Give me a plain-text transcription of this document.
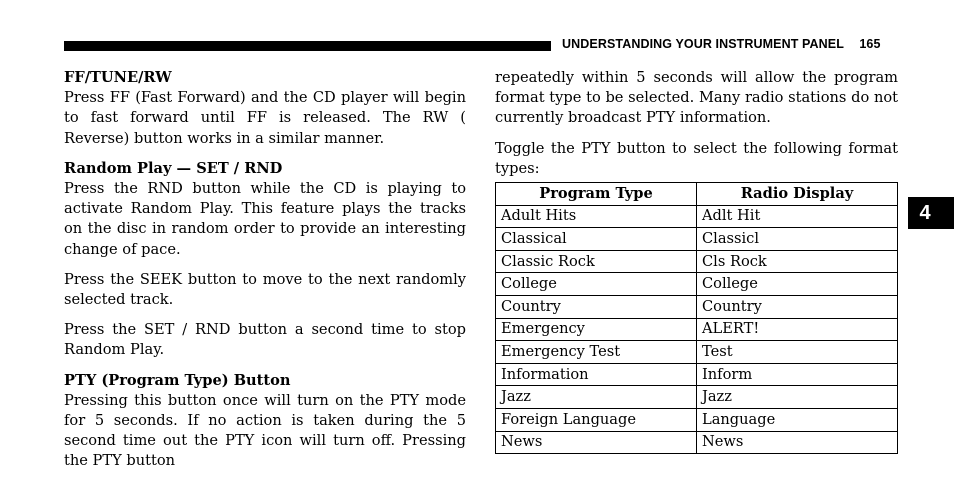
UNDERSTANDING YOUR INSTRUMENT PANEL 165
FF/TUNE/RW

Press FF (Fast Forward) and the CD player will begin to fast forward until FF is released. The RW ( Reverse) button works in a similar manner.

Random Play — SET / RND

Press the RND button while the CD is playing to activate Random Play. This feature plays the tracks on the disc in random order to provide an interesting change of pace.

Press the SEEK button to move to the next randomly selected track.

Press the SET / RND button a second time to stop Random Play.

PTY (Program Type) Button

Pressing this button once will turn on the PTY mode for 5 seconds. If no action is taken during the 5 second time out the PTY icon will turn off. Pressing the PTY button

repeatedly within 5 seconds will allow the program format type to be selected. Many radio stations do not currently broadcast PTY information.

Toggle the PTY button to select the following format types:

Program Type	Radio Display
Adult Hits	Adlt Hit
Classical	Classicl
Classic Rock	Cls Rock
College	College
Country	Country
Emergency	ALERT!
Emergency Test	Test
Information	Inform
Jazz	Jazz
Foreign Language	Language
News	News
4
